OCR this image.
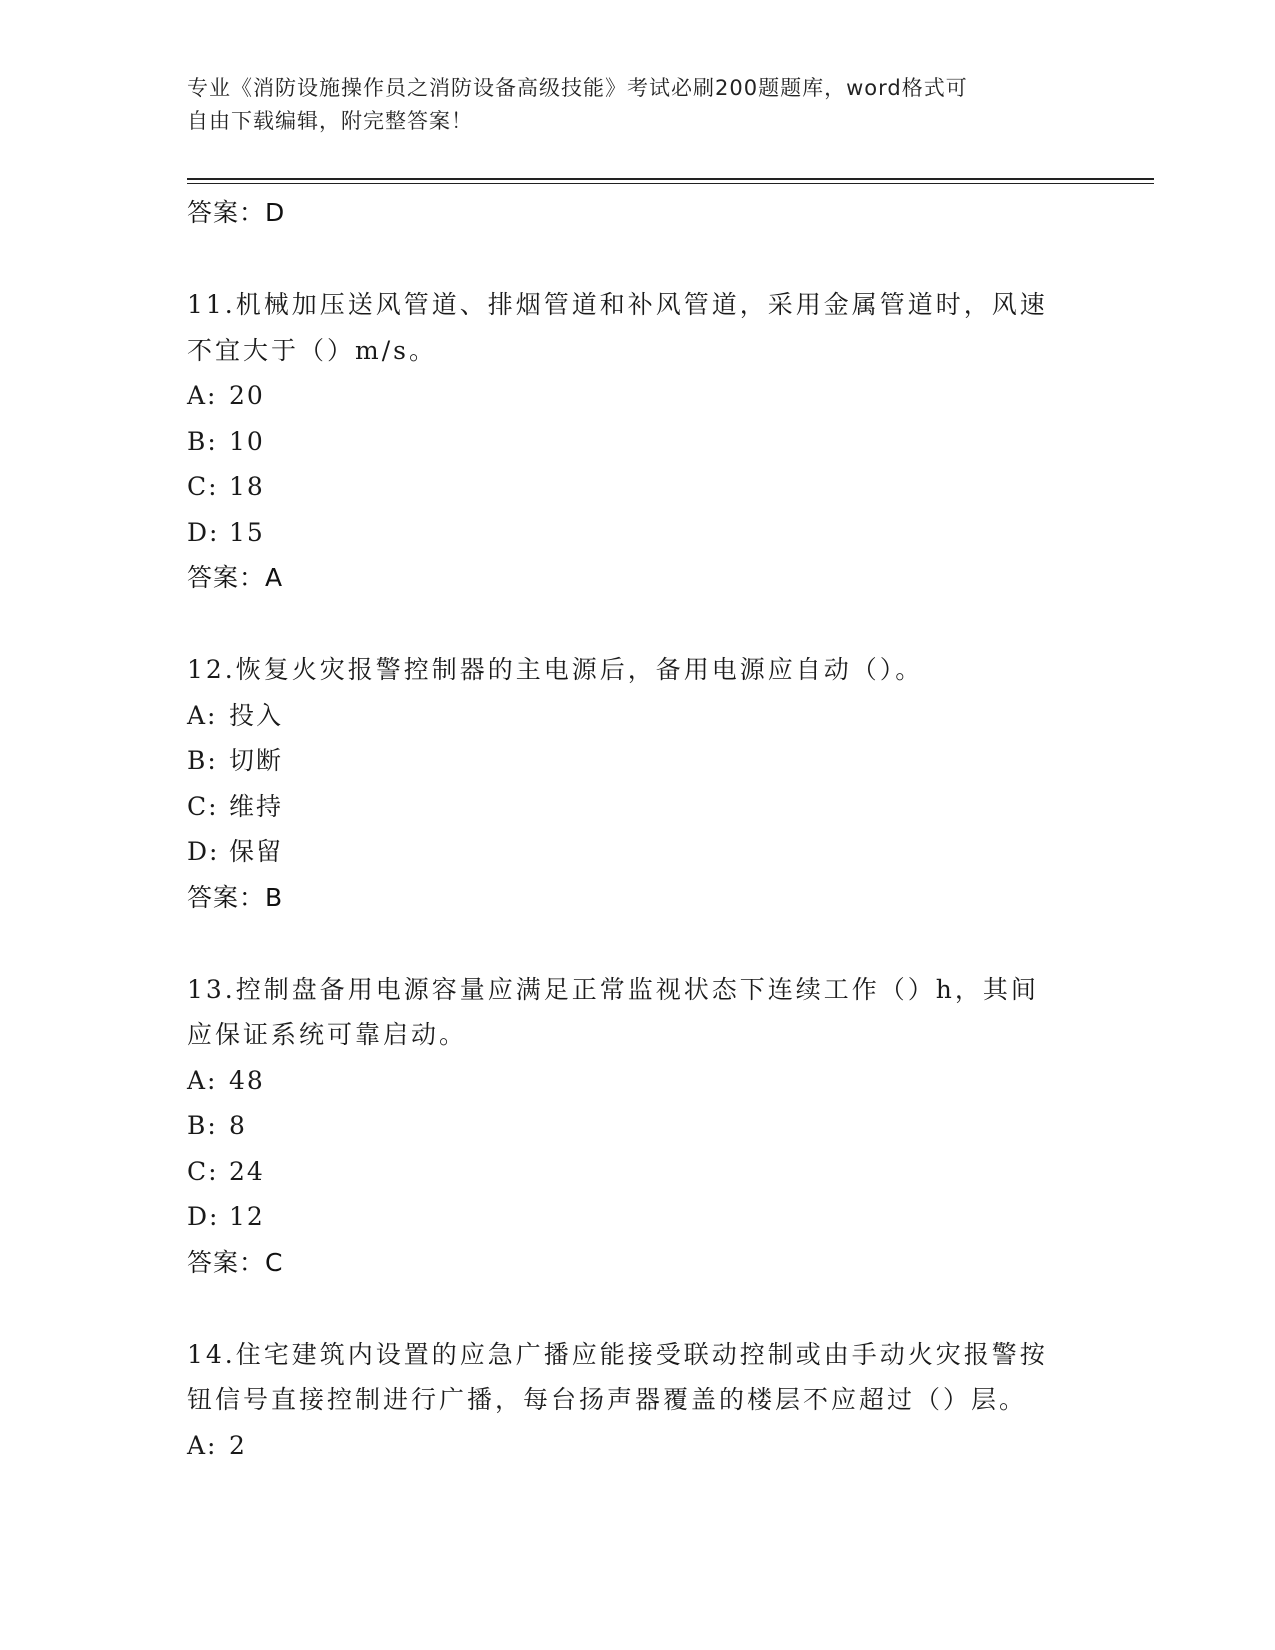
专业《消防设施操作员之消防设备高级技能》考试必刷200题题库，word格式可
自由下载编辑，附完整答案！
答案：D
11.机械加压送风管道、排烟管道和补风管道，采用金属管道时，风速
不宜大于（）m/s。
A: 20
B: 10
C: 18
D: 15
答案：A
12.恢复火灾报警控制器的主电源后，备用电源应自动（）。
A: 投入
B: 切断
C: 维持
D: 保留
答案：B
13.控制盘备用电源容量应满足正常监视状态下连续工作（）h，其间
应保证系统可靠启动。
A: 48
B: 8
C: 24
D: 12
答案：C
14.住宅建筑内设置的应急广播应能接受联动控制或由手动火灾报警按
钮信号直接控制进行广播，每台扬声器覆盖的楼层不应超过（）层。
A: 2
